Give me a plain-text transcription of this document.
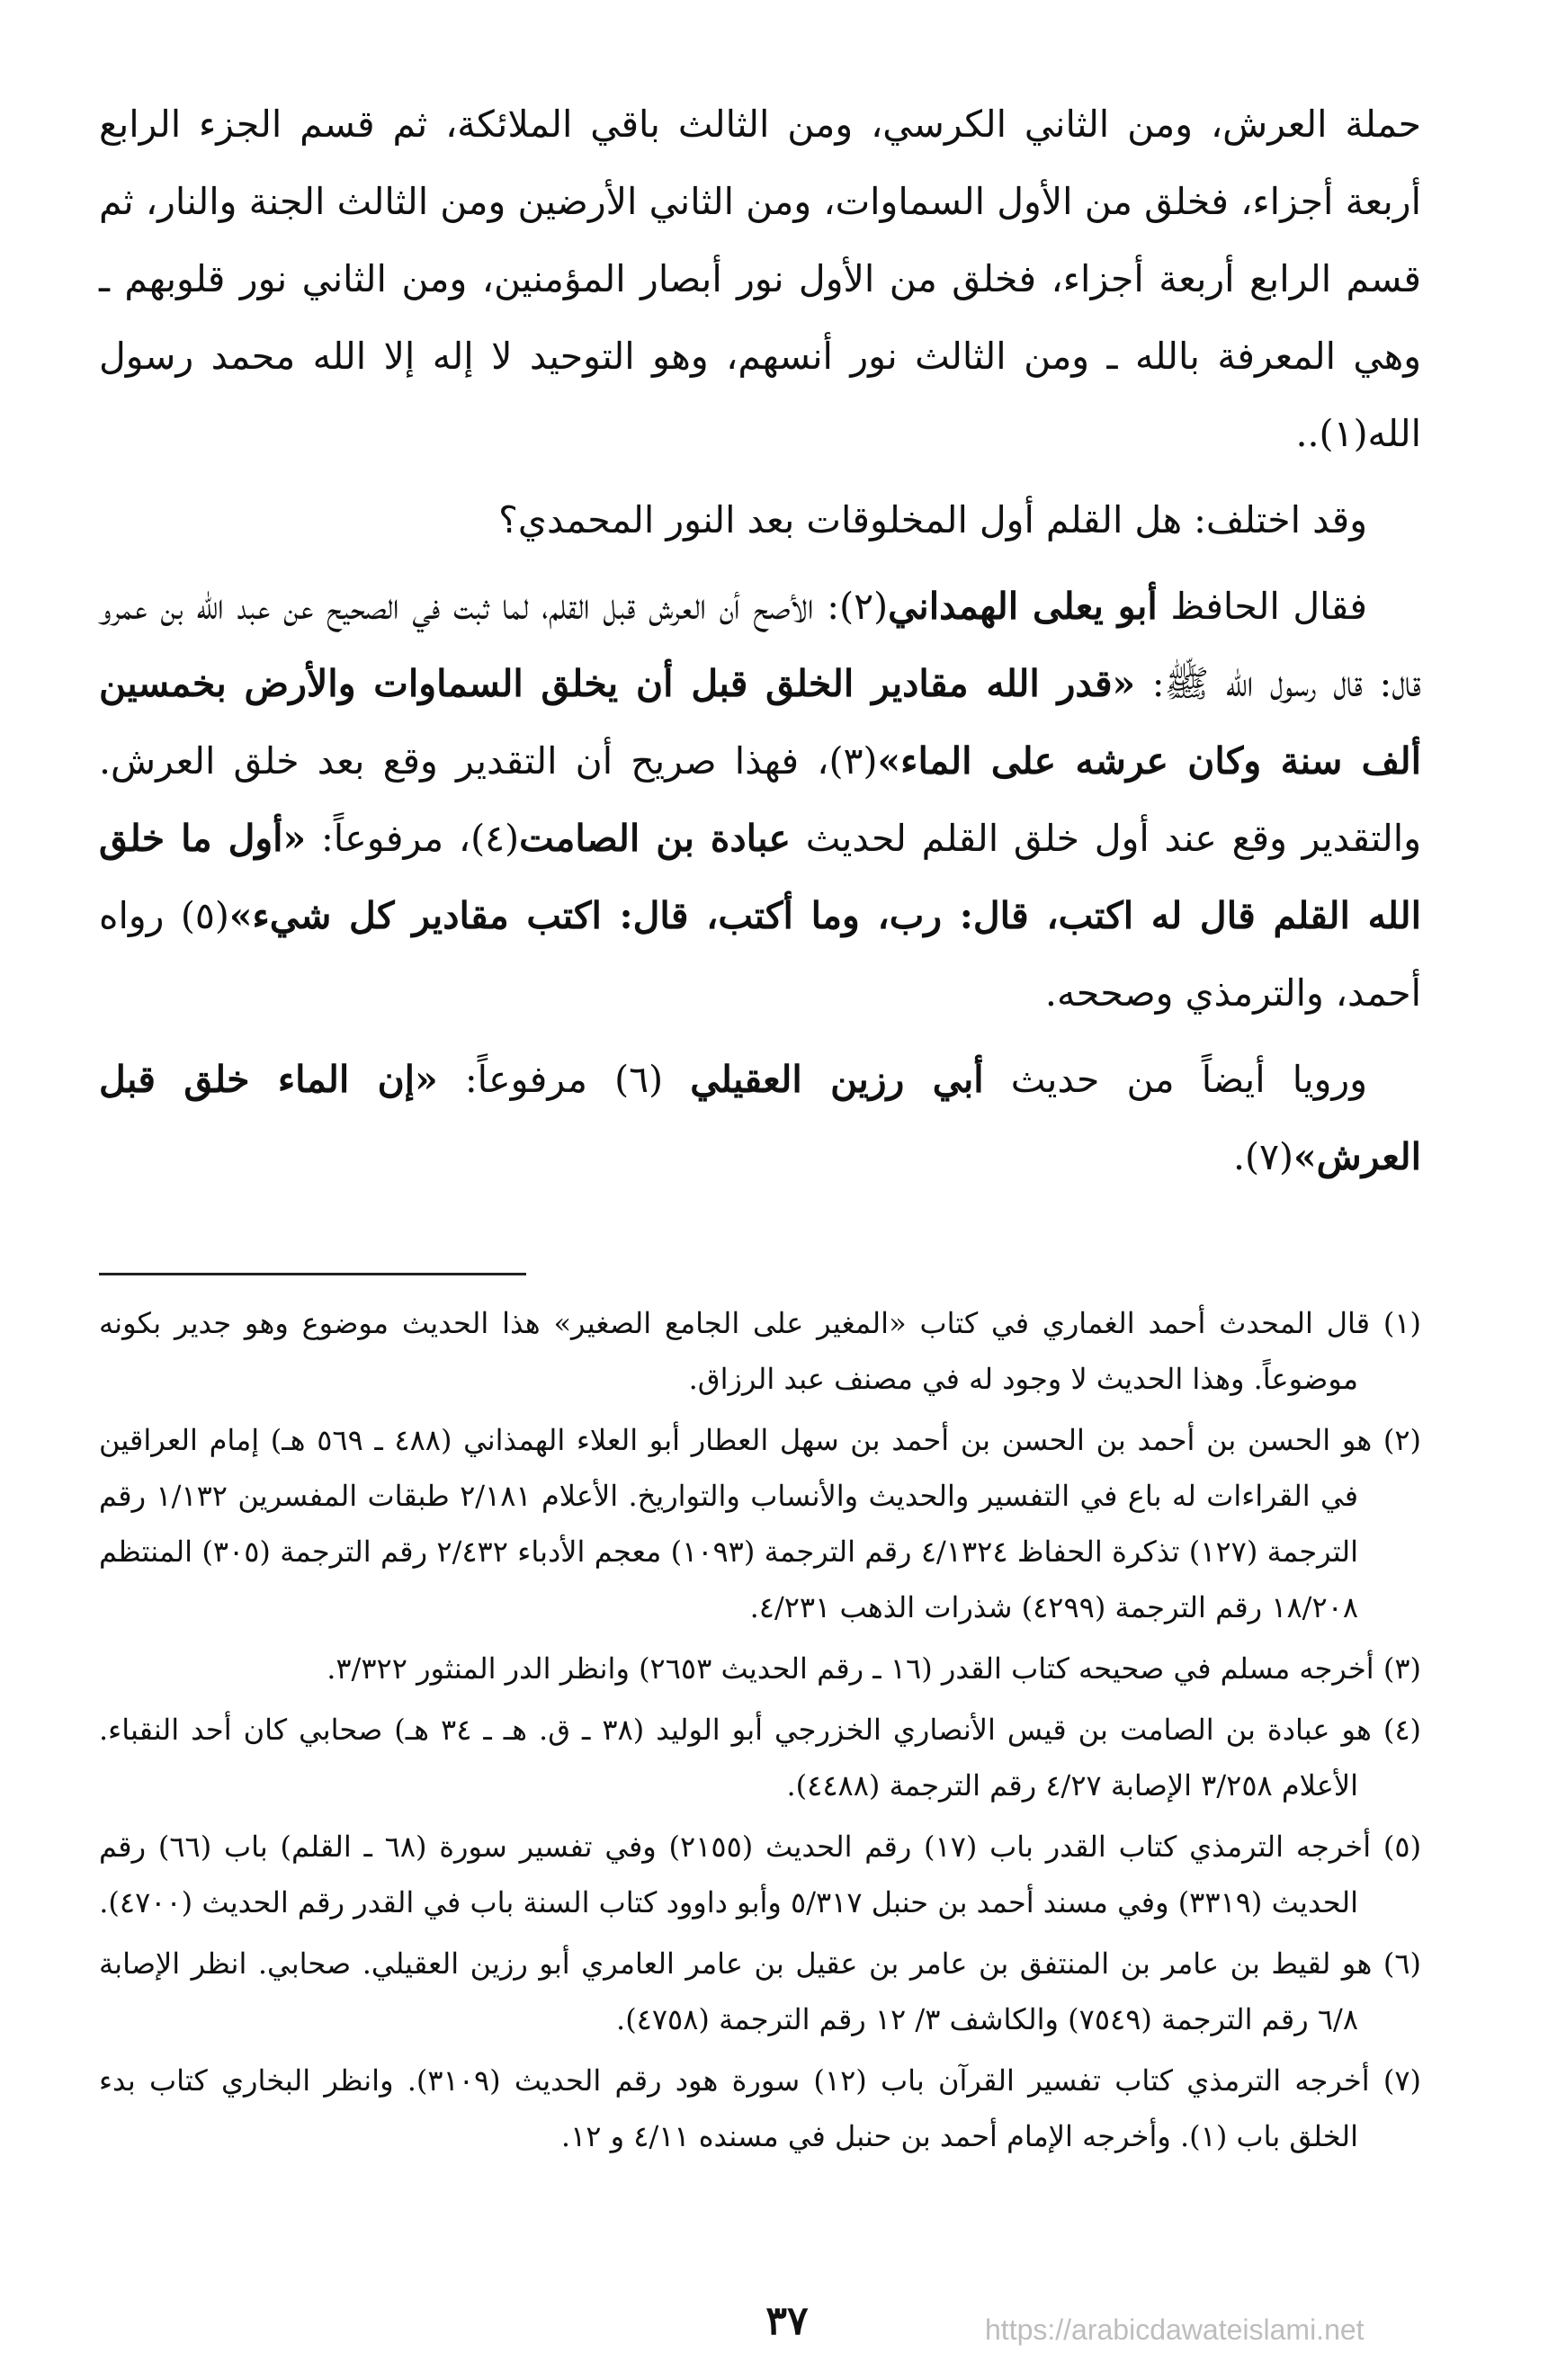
حملة العرش، ومن الثاني الكرسي، ومن الثالث باقي الملائكة، ثم قسم الجزء الرابع أربعة أجزاء، فخلق من الأول السماوات، ومن الثاني الأرضين ومن الثالث الجنة والنار، ثم قسم الرابع أربعة أجزاء، فخلق من الأول نور أبصار المؤمنين، ومن الثاني نور قلوبهم ـ وهي المعرفة بالله ـ ومن الثالث نور أنسهم، وهو التوحيد لا إله إلا الله محمد رسول الله(١)..

وقد اختلف: هل القلم أول المخلوقات بعد النور المحمدي؟

فقال الحافظ أبو يعلى الهمداني(٢): الأصح أن العرش قبل القلم، لما ثبت في الصحيح عن عبد الله بن عمرو قال: قال رسول الله ﷺ: «قدر الله مقادير الخلق قبل أن يخلق السماوات والأرض بخمسين ألف سنة وكان عرشه على الماء»(٣)، فهذا صريح أن التقدير وقع بعد خلق العرش. والتقدير وقع عند أول خلق القلم لحديث عبادة بن الصامت(٤)، مرفوعاً: «أول ما خلق الله القلم قال له اكتب، قال: رب، وما أكتب، قال: اكتب مقادير كل شيء»(٥) رواه أحمد، والترمذي وصححه.

ورويا أيضاً من حديث أبي رزين العقيلي (٦) مرفوعاً: «إن الماء خلق قبل العرش»(٧).

(١) قال المحدث أحمد الغماري في كتاب «المغير على الجامع الصغير» هذا الحديث موضوع وهو جدير بكونه موضوعاً. وهذا الحديث لا وجود له في مصنف عبد الرزاق.

(٢) هو الحسن بن أحمد بن الحسن بن أحمد بن سهل العطار أبو العلاء الهمذاني (٤٨٨ ـ ٥٦٩ هـ) إمام العراقين في القراءات له باع في التفسير والحديث والأنساب والتواريخ. الأعلام ٢/١٨١ طبقات المفسرين ١/١٣٢ رقم الترجمة (١٢٧) تذكرة الحفاظ ٤/١٣٢٤ رقم الترجمة (١٠٩٣) معجم الأدباء ٢/٤٣٢ رقم الترجمة (٣٠٥) المنتظم ١٨/٢٠٨ رقم الترجمة (٤٢٩٩) شذرات الذهب ٤/٢٣١.

(٣) أخرجه مسلم في صحيحه كتاب القدر (١٦ ـ رقم الحديث ٢٦٥٣) وانظر الدر المنثور ٣/٣٢٢.

(٤) هو عبادة بن الصامت بن قيس الأنصاري الخزرجي أبو الوليد (٣٨ ـ ق. هـ ـ ٣٤ هـ) صحابي كان أحد النقباء. الأعلام ٣/٢٥٨ الإصابة ٤/٢٧ رقم الترجمة (٤٤٨٨).

(٥) أخرجه الترمذي كتاب القدر باب (١٧) رقم الحديث (٢١٥٥) وفي تفسير سورة (٦٨ ـ القلم) باب (٦٦) رقم الحديث (٣٣١٩) وفي مسند أحمد بن حنبل ٥/٣١٧ وأبو داوود كتاب السنة باب في القدر رقم الحديث (٤٧٠٠).

(٦) هو لقيط بن عامر بن المنتفق بن عامر بن عقيل بن عامر العامري أبو رزين العقيلي. صحابي. انظر الإصابة ٦/٨ رقم الترجمة (٧٥٤٩) والكاشف ٣/ ١٢ رقم الترجمة (٤٧٥٨).

(٧) أخرجه الترمذي كتاب تفسير القرآن باب (١٢) سورة هود رقم الحديث (٣١٠٩). وانظر البخاري كتاب بدء الخلق باب (١). وأخرجه الإمام أحمد بن حنبل في مسنده ٤/١١ و ١٢.

٣٧	https://arabicdawateislami.net
